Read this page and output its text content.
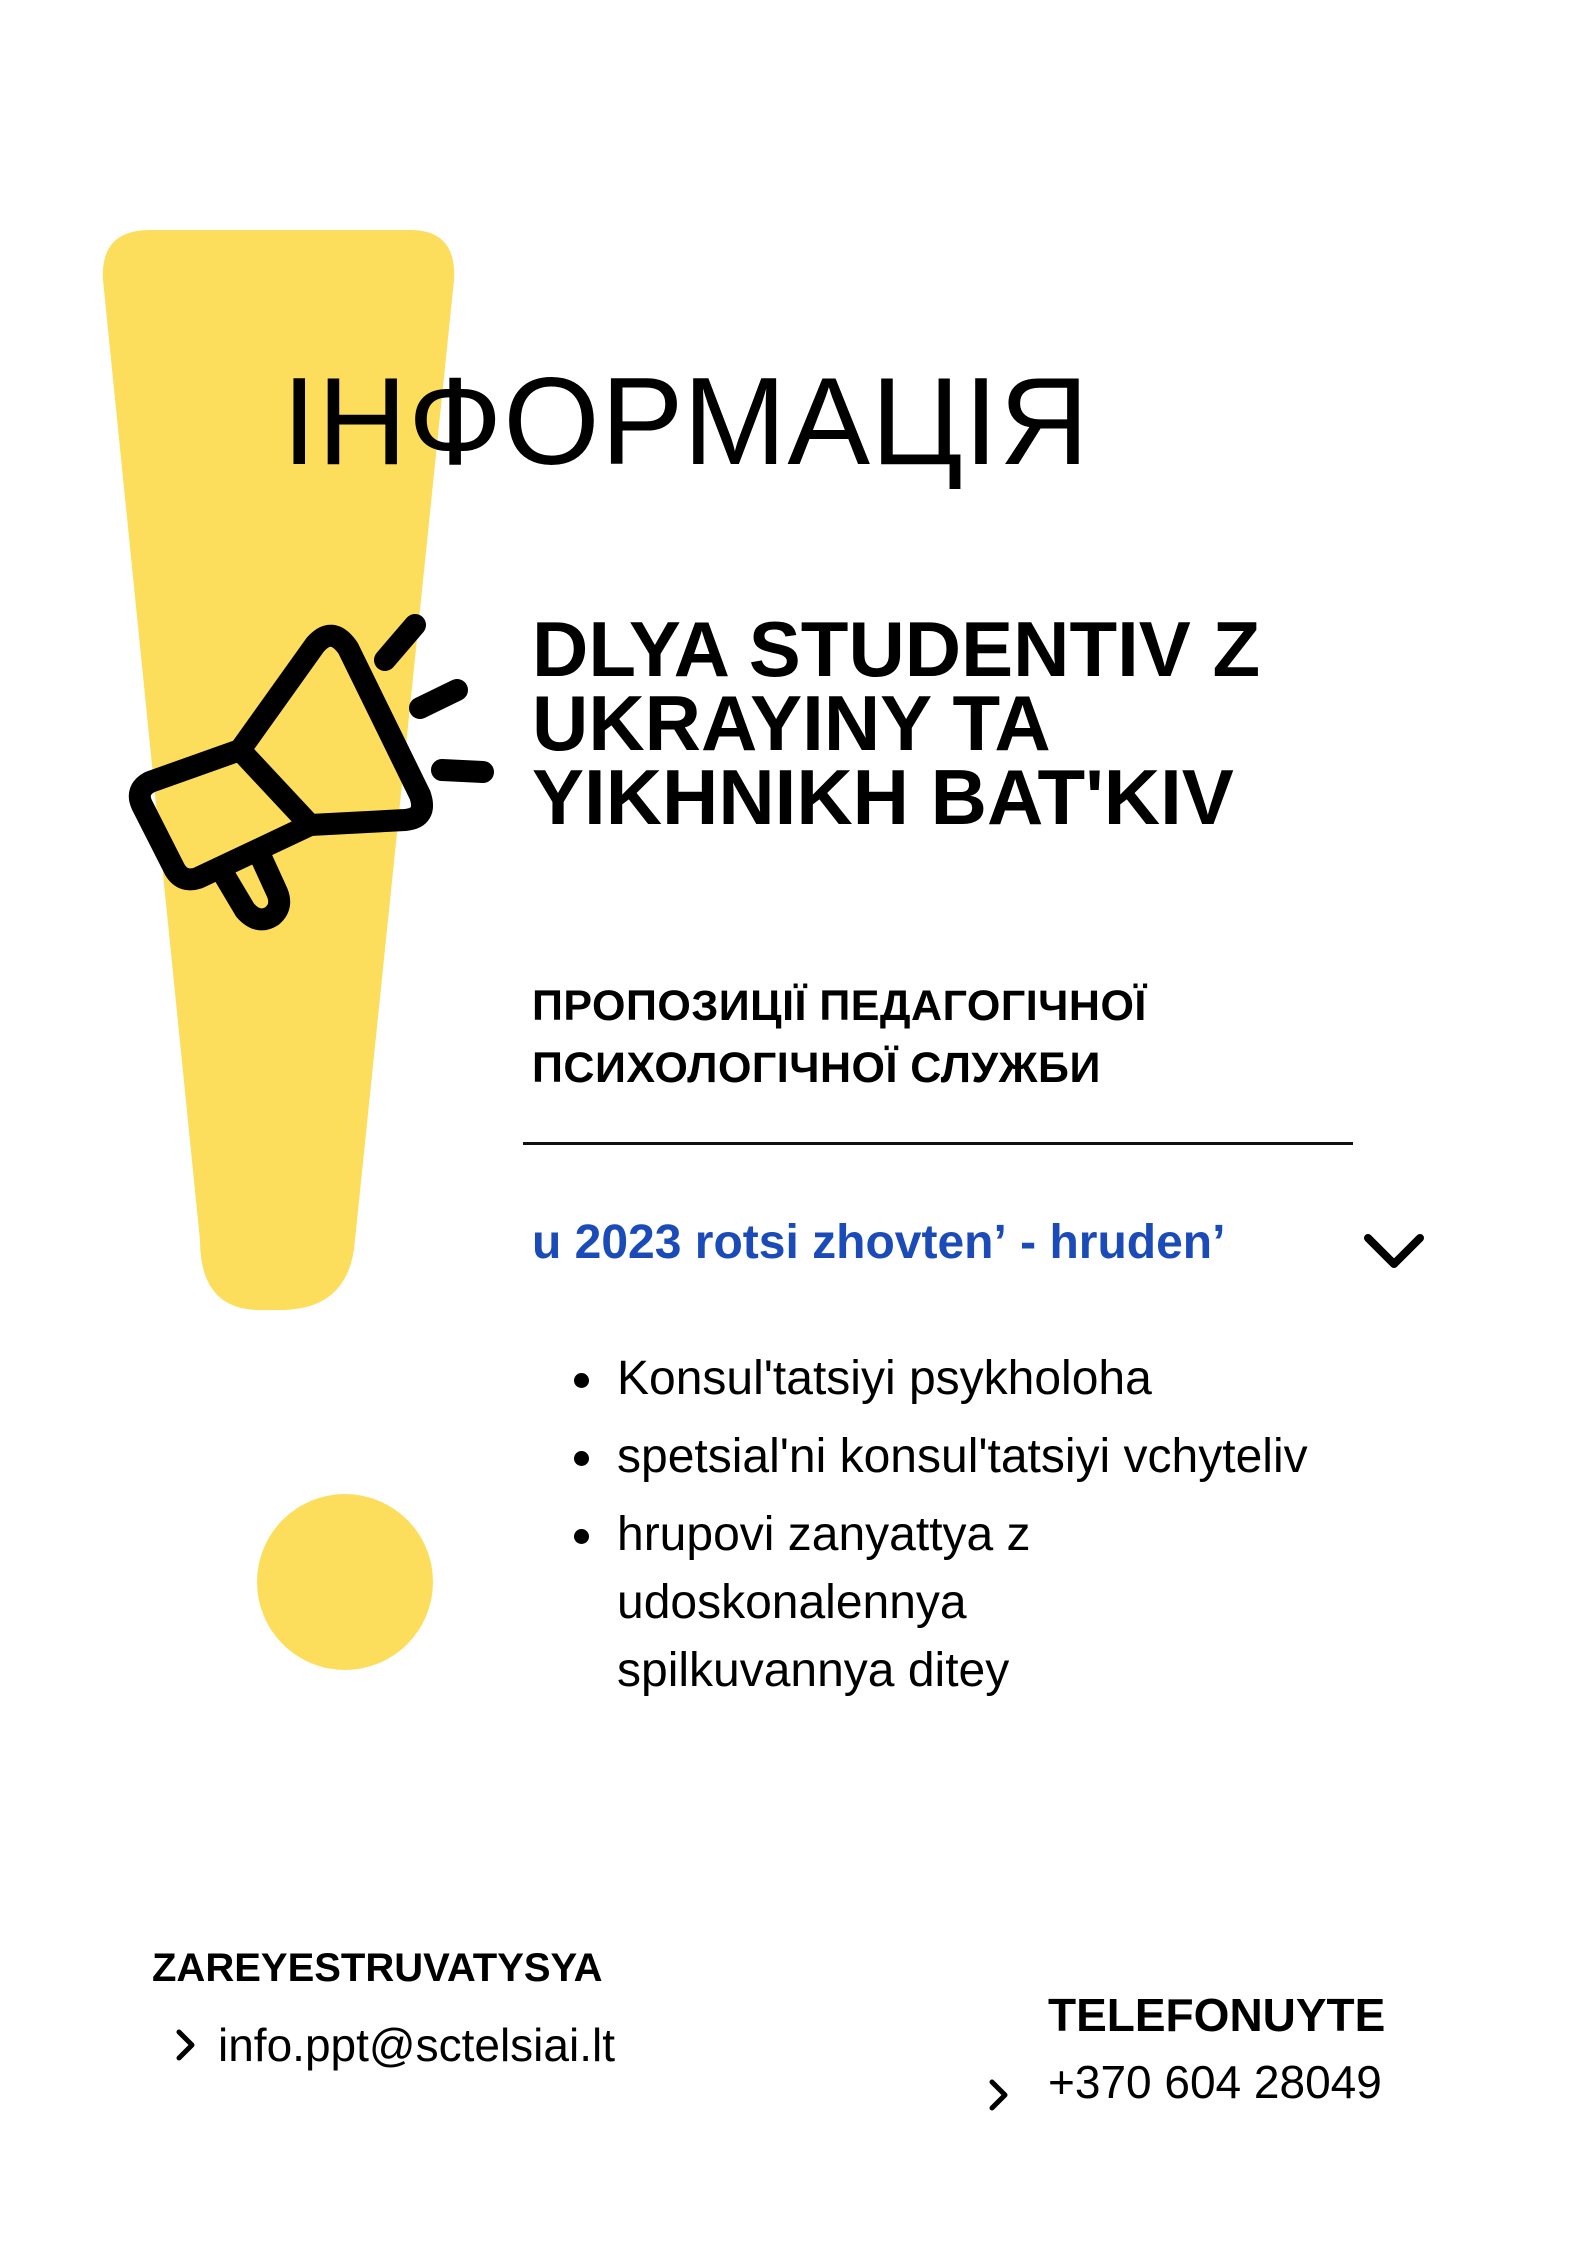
ІНФОРМАЦІЯ
DLYA STUDENTIV Z
UKRAYINY TA
YIKHNIKH BATʹKIV
ПРОПОЗИЦІЇ ПЕДАГОГІЧНОЇ
ПСИХОЛОГІЧНОЇ СЛУЖБИ
u 2023 rotsi zhovtenʼ - hrudenʼ
Konsulʹtatsiyi psykholoha
spetsialʹni konsulʹtatsiyi vchyteliv
hrupovi zanyattya z udoskonalennya spilkuvannya ditey
ZAREYESTRUVATYSYA
info.ppt@sctelsiai.lt
TELEFONUYTE
+370 604 28049
